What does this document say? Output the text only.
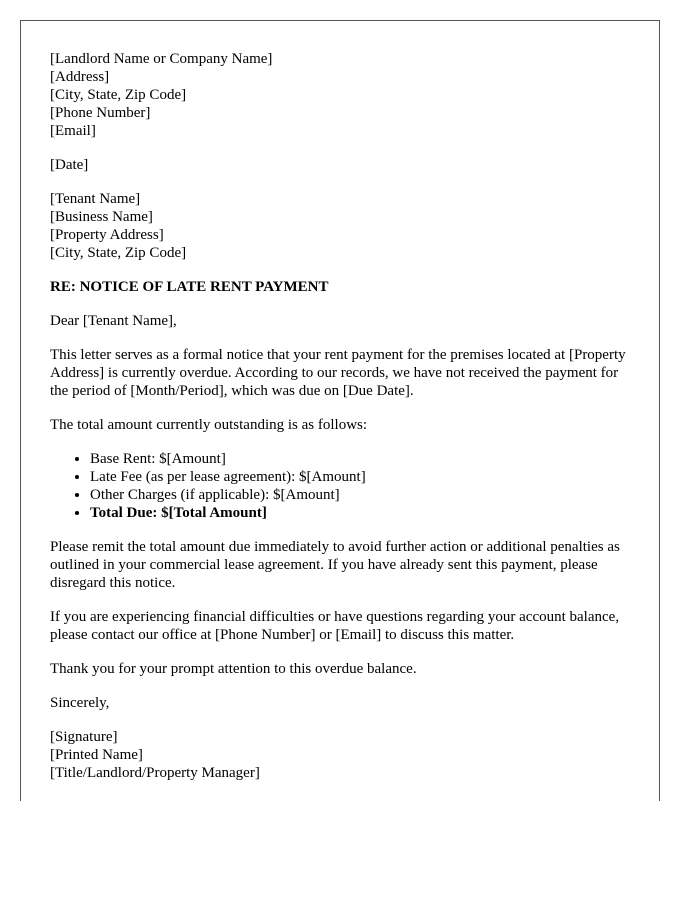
[Landlord Name or Company Name]
[Address]
[City, State, Zip Code]
[Phone Number]
[Email]
[Date]
[Tenant Name]
[Business Name]
[Property Address]
[City, State, Zip Code]
RE: NOTICE OF LATE RENT PAYMENT

Dear [Tenant Name],

This letter serves as a formal notice that your rent payment for the premises located at [Property Address] is currently overdue. According to our records, we have not received the payment for the period of [Month/Period], which was due on [Due Date].

The total amount currently outstanding is as follows:

• Base Rent: $[Amount]
• Late Fee (as per lease agreement): $[Amount]
• Other Charges (if applicable): $[Amount]
• Total Due: $[Total Amount]

Please remit the total amount due immediately to avoid further action or additional penalties as outlined in your commercial lease agreement. If you have already sent this payment, please disregard this notice.

If you are experiencing financial difficulties or have questions regarding your account balance, please contact our office at [Phone Number] or [Email] to discuss this matter.

Thank you for your prompt attention to this overdue balance.

Sincerely,

[Signature]
[Printed Name]
[Title/Landlord/Property Manager]
